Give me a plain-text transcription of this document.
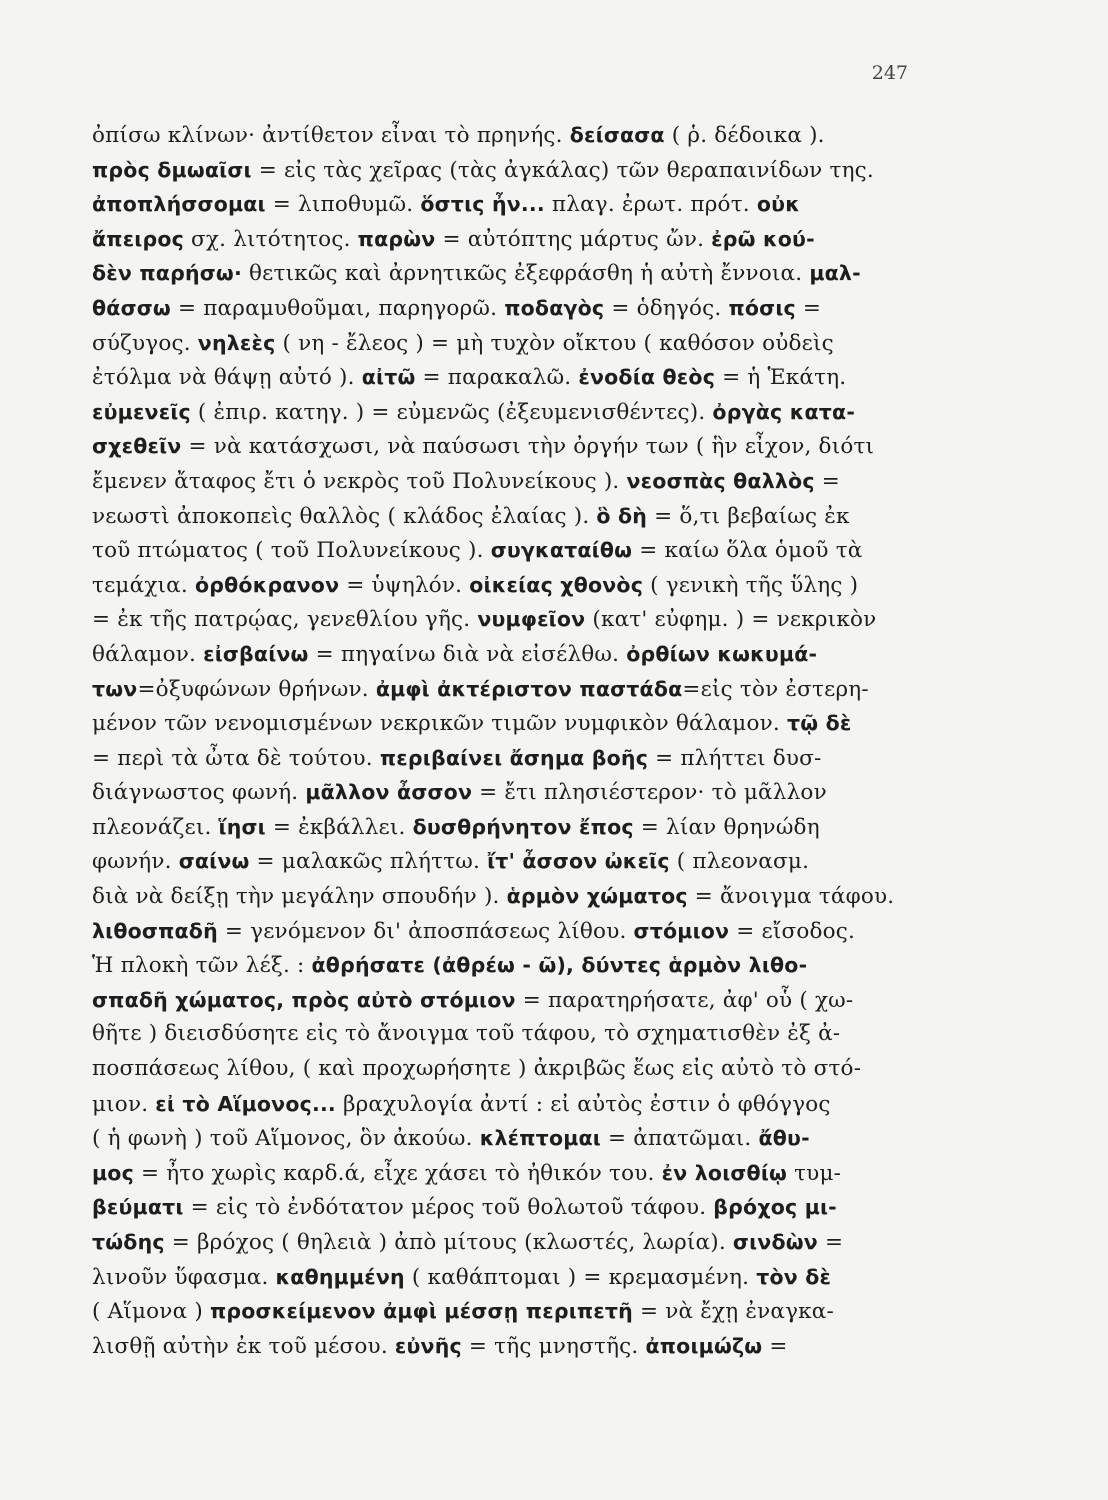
247
ὀπίσω κλίνων· ἀντίθετον εἶναι τὸ πρηνής. δείσασα ( ῥ. δέδοικα ).
πρὸς δμωαῖσι = εἰς τὰς χεῖρας (τὰς ἀγκάλας) τῶν θεραπαινίδων της.
ἀποπλήσσομαι = λιποθυμῶ. ὅστις ἦν... πλαγ. ἐρωτ. πρότ. οὐκ
ἄπειρος σχ. λιτότητος. παρὼν = αὐτόπτης μάρτυς ὤν. ἐρῶ κού-
δὲν παρήσω· θετικῶς καὶ ἀρνητικῶς ἐξεφράσθη ἡ αὐτὴ ἔννοια. μαλ-
θάσσω = παραμυθοῦμαι, παρηγορῶ. ποδαγὸς = ὁδηγός. πόσις =
σύζυγος. νηλεὲς ( νη - ἔλεος ) = μὴ τυχὸν οἴκτου ( καθόσον οὐδεὶς
ἐτόλμα νὰ θάψῃ αὐτό ). αἰτῶ = παρακαλῶ. ἐνοδία θεὸς = ἡ Ἑκάτη.
εὐμενεῖς ( ἐπιρ. κατηγ. ) = εὐμενῶς (ἐξευμενισθέντες). ὀργὰς κατα-
σχεθεῖν = νὰ κατάσχωσι, νὰ παύσωσι τὴν ὀργήν των ( ἣν εἶχον, διότι
ἔμενεν ἄταφος ἔτι ὁ νεκρὸς τοῦ Πολυνείκους ). νεοσπὰς θαλλὸς =
νεωστὶ ἀποκοπεὶς θαλλὸς ( κλάδος ἐλαίας ). ὃ δὴ = ὅ,τι βεβαίως ἐκ
τοῦ πτώματος ( τοῦ Πολυνείκους ). συγκαταίθω = καίω ὅλα ὁμοῦ τὰ
τεμάχια. ὀρθόκρανον = ὑψηλόν. οἰκείας χθονὸς ( γενικὴ τῆς ὕλης )
= ἐκ τῆς πατρῴας, γενεθλίου γῆς. νυμφεῖον (κατ' εὐφημ. ) = νεκρικὸν
θάλαμον. εἰσβαίνω = πηγαίνω διὰ νὰ εἰσέλθω. ὀρθίων κωκυμά-
των=ὀξυφώνων θρήνων. ἀμφὶ ἀκτέριστον παστάδα=εἰς τὸν ἐστερη-
μένον τῶν νενομισμένων νεκρικῶν τιμῶν νυμφικὸν θάλαμον. τῷ δὲ
= περὶ τὰ ὦτα δὲ τούτου. περιβαίνει ἄσημα βοῆς = πλήττει δυσ-
διάγνωστος φωνή. μᾶλλον ἆσσον = ἔτι πλησιέστερον· τὸ μᾶλλον
πλεονάζει. ἵησι = ἐκβάλλει. δυσθρήνητον ἔπος = λίαν θρηνώδη
φωνήν. σαίνω = μαλακῶς πλήττω. ἴτ' ἆσσον ὠκεῖς ( πλεονασμ.
διὰ νὰ δείξῃ τὴν μεγάλην σπουδήν ). ἁρμὸν χώματος = ἄνοιγμα τάφου.
λιθοσπαδῆ = γενόμενον δι' ἀποσπάσεως λίθου. στόμιον = εἴσοδος.
Ἡ πλοκὴ τῶν λέξ. : ἀθρήσατε (ἀθρέω - ῶ), δύντες ἁρμὸν λιθο-
σπαδῆ χώματος, πρὸς αὐτὸ στόμιον = παρατηρήσατε, ἀφ' οὗ ( χω-
θῆτε ) διεισδύσητε εἰς τὸ ἄνοιγμα τοῦ τάφου, τὸ σχηματισθὲν ἐξ ἀ-
ποσπάσεως λίθου, ( καὶ προχωρήσητε ) ἀκριβῶς ἕως εἰς αὐτὸ τὸ στό-
μιον. εἰ τὸ Αἵμονος... βραχυλογία ἀντί : εἰ αὐτὸς ἐστιν ὁ φθόγγος
( ἡ φωνὴ ) τοῦ Αἵμονος, ὃν ἀκούω. κλέπτομαι = ἀπατῶμαι. ἄθυ-
μος = ἦτο χωρὶς καρδ.ά, εἶχε χάσει τὸ ἠθικόν του. ἐν λοισθίῳ τυμ-
βεύματι = εἰς τὸ ἐνδότατον μέρος τοῦ θολωτοῦ τάφου. βρόχος μι-
τώδης = βρόχος ( θηλειὰ ) ἀπὸ μίτους (κλωστές, λωρία). σινδὼν =
λινοῦν ὕφασμα. καθημμένη ( καθάπτομαι ) = κρεμασμένη. τὸν δὲ
( Αἵμονα ) προσκείμενον ἀμφὶ μέσσῃ περιπετῆ = νὰ ἔχῃ ἐναγκα-
λισθῇ αὐτὴν ἐκ τοῦ μέσου. εὐνῆς = τῆς μνηστῆς. ἀποιμώζω =
